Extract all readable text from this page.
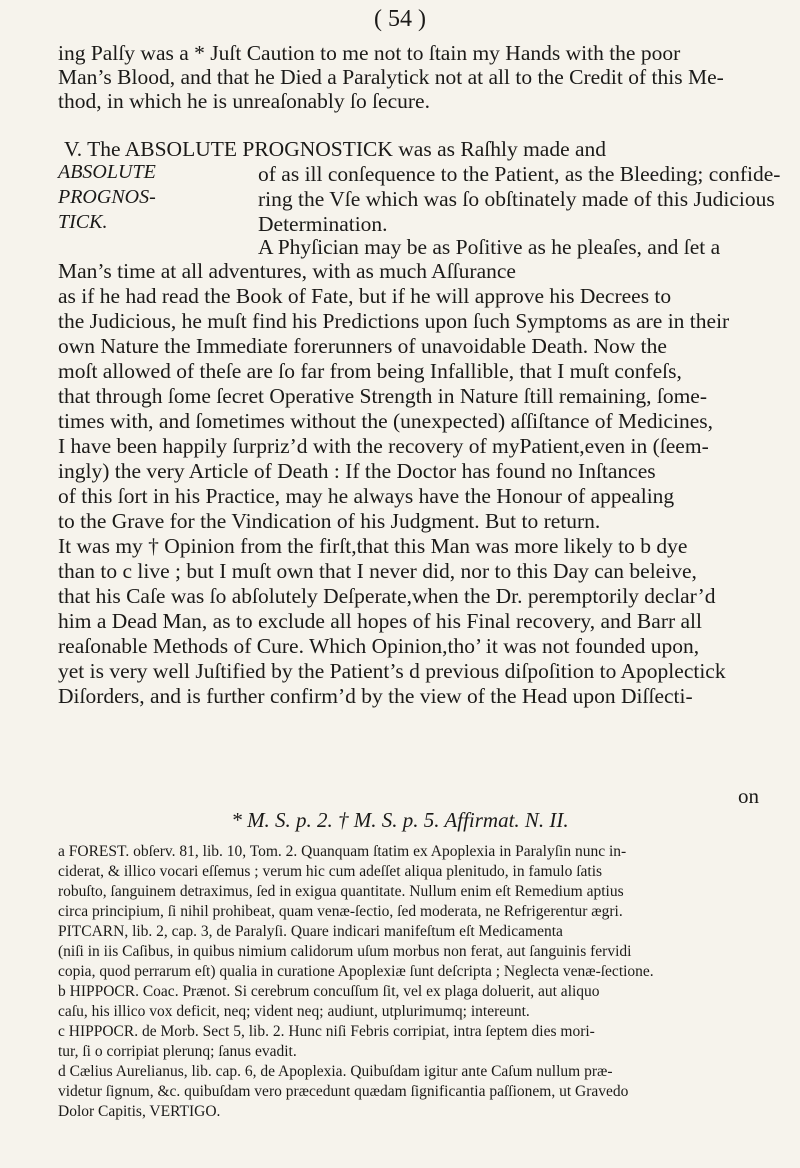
( 54 )
ing Palſy was a * Juſt Caution to me not to ſtain my Hands with the poor
Man’s Blood, and that he Died a Paralytick not at all to the Credit of this Me-
thod, in which he is unreaſonably ſo ſecure.
V. The ABSOLUTE PROGNOSTICK was as Raſhly made and
ABSOLUTE
PROGNOS-
TICK.
of as ill conſequence to the Patient, as the Bleeding; confide-
ring the Vſe which was ſo obſtinately made of this Judicious
Determination.
A Phyſician may be as Poſitive as he pleaſes, and ſet a
Man’s time at all adventures, with as much Aſſurance
as if he had read the Book of Fate, but if he will approve his Decrees to
the Judicious, he muſt find his Predictions upon ſuch Symptoms as are in their
own Nature the Immediate forerunners of unavoidable Death. Now the
moſt allowed of theſe are ſo far from being Infallible, that I muſt confeſs,
that through ſome ſecret Operative Strength in Nature ſtill remaining, ſome-
times with, and ſometimes without the (unexpected) aſſiſtance of Medicines,
I have been happily ſurpriz’d with the recovery of myPatient,even in (ſeem-
ingly) the very Article of Death : If the Doctor has found no Inſtances
of this ſort in his Practice, may he always have the Honour of appealing
to the Grave for the Vindication of his Judgment. But to return.
It was my † Opinion from the firſt,that this Man was more likely to b dye
than to c live ; but I muſt own that I never did, nor to this Day can beleive,
that his Caſe was ſo abſolutely Deſperate,when the Dr. peremptorily declar’d
him a Dead Man, as to exclude all hopes of his Final recovery, and Barr all
reaſonable Methods of Cure. Which Opinion,tho’ it was not founded upon,
yet is very well Juſtified by the Patient’s d previous diſpoſition to Apoplectick
Diſorders, and is further confirm’d by the view of the Head upon Diſſecti-
on
* M. S. p. 2. † M. S. p. 5. Affirmat. N. II.
a FOREST. obſerv. 81, lib. 10, Tom. 2. Quanquam ſtatim ex Apoplexia in Paralyſin nunc in-
ciderat, & illico vocari eſſemus ; verum hic cum adeſſet aliqua plenitudo, in famulo ſatis
robuſto, ſanguinem detraximus, ſed in exigua quantitate. Nullum enim eſt Remedium aptius
circa principium, ſi nihil prohibeat, quam venæ-ſectio, ſed moderata, ne Refrigerentur ægri.
PITCARN, lib. 2, cap. 3, de Paralyſi. Quare indicari manifeſtum eſt Medicamenta
(niſi in iis Caſibus, in quibus nimium calidorum uſum morbus non ferat, aut ſanguinis fervidi
copia, quod perrarum eſt) qualia in curatione Apoplexiæ ſunt deſcripta ; Neglecta venæ-ſectione.
b HIPPOCR. Coac. Prænot. Si cerebrum concuſſum ſit, vel ex plaga doluerit, aut aliquo
caſu, his illico vox deficit, neq; vident neq; audiunt, utplurimumq; intereunt.
c HIPPOCR. de Morb. Sect 5, lib. 2. Hunc niſi Febris corripiat, intra ſeptem dies mori-
tur, ſi o corripiat plerunq; ſanus evadit.
d Cælius Aurelianus, lib. cap. 6, de Apoplexia. Quibuſdam igitur ante Caſum nullum præ-
videtur ſignum, &c. quibuſdam vero præcedunt quædam ſignificantia paſſionem, ut Gravedo
Dolor Capitis, VERTIGO.
